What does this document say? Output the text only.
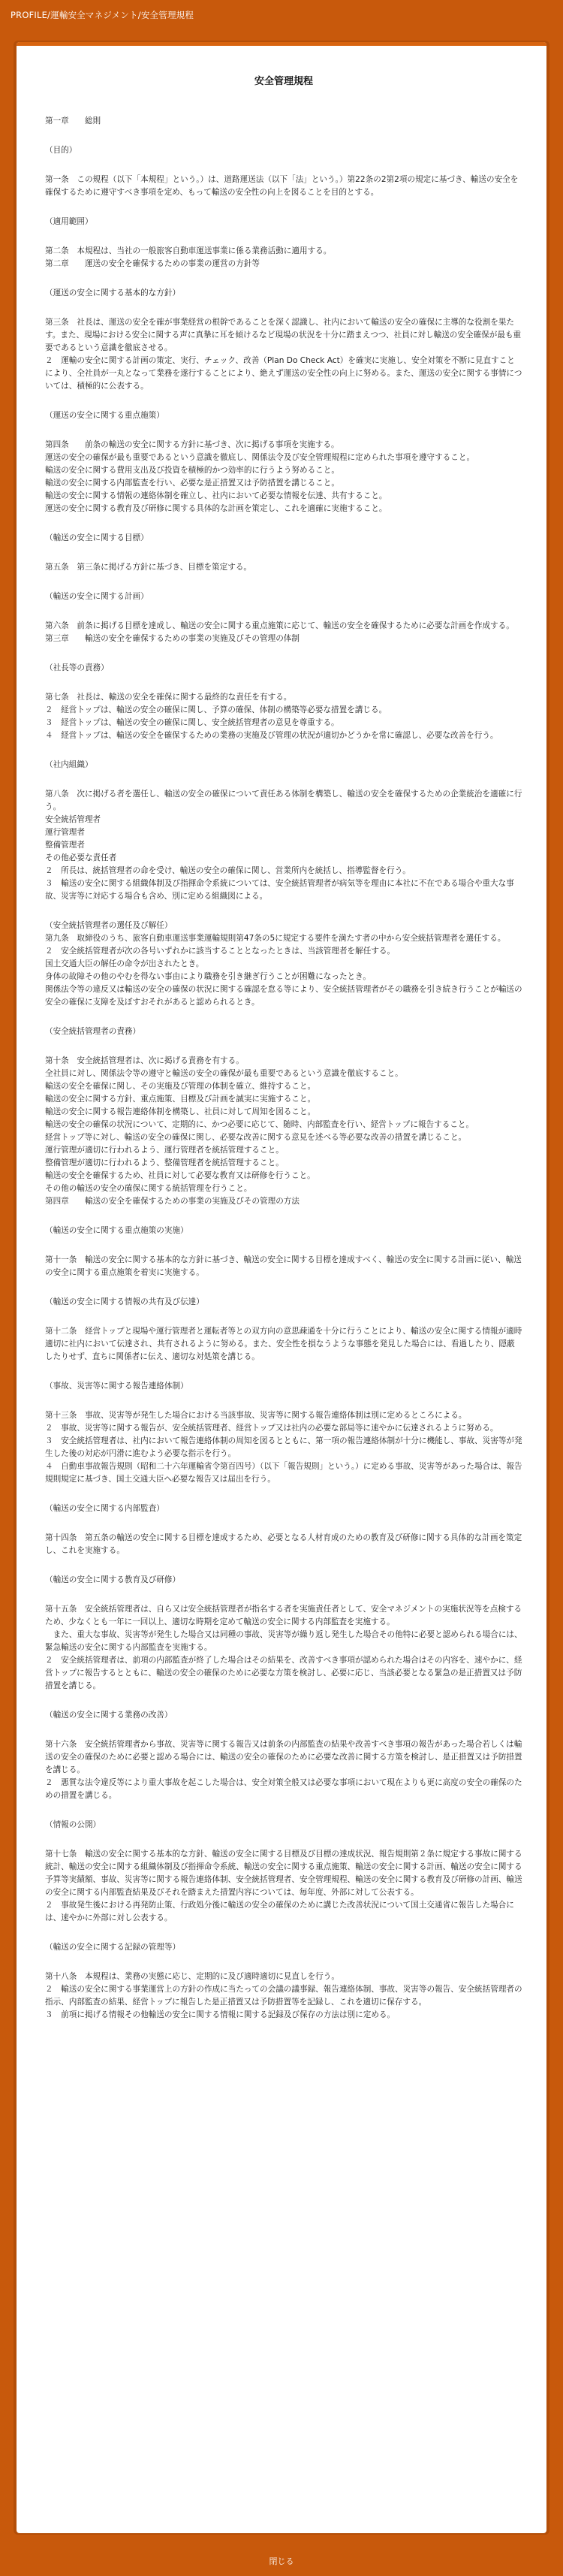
PROFILE/運輸安全マネジメント/安全管理規程
安全管理規程

第一章　　総則

（目的）

第一条　この規程（以下「本規程」という。）は、道路運送法（以下「法」という。）第22条の2第2項の規定に基づき、輸送の安全を確保するために遵守すべき事項を定め、もって輸送の安全性の向上を図ることを目的とする。

（適用範囲）

第二条　本規程は、当社の一般旅客自動車運送事業に係る業務活動に適用する。

第二章　　運送の安全を確保するための事業の運営の方針等

（運送の安全に関する基本的な方針）

第三条　社長は、運送の安全を確が事業経営の根幹であることを深く認識し、社内において輸送の安全の確保に主導的な役割を果たす。また、現場における安全に関する声に真摯に耳を傾けるなど現場の状況を十分に踏まえつつ、社員に対し輸送の安全確保が最も重要であるという意識を徹底させる。

２　運輸の安全に関する計画の策定、実行、チェック、改善（Plan Do Check Act）を確実に実施し、安全対策を不断に見直すことにより、全社員が一丸となって業務を遂行することにより、絶えず運送の安全性の向上に努める。また、運送の安全に関する事情については、積極的に公表する。

（運送の安全に関する重点施策）

第四条　　前条の輸送の安全に関する方針に基づき、次に掲げる事項を実施する。

運送の安全の確保が最も重要であるという意識を徹底し、関係法令及び安全管理規程に定められた事項を遵守すること。

輸送の安全に関する費用支出及び投資を積極的かつ効率的に行うよう努めること。

輸送の安全に関する内部監査を行い、必要な是正措置又は予防措置を講じること。

輸送の安全に関する情報の連絡体制を確立し、社内において必要な情報を伝達、共有すること。

運送の安全に関する教育及び研修に関する具体的な計画を策定し、これを適確に実施すること。

（輸送の安全に関する目標）

第五条　第三条に掲げる方針に基づき、目標を策定する。

（輸送の安全に関する計画）

第六条　前条に掲げる目標を達成し、輸送の安全に関する重点施策に応じて、輸送の安全を確保するために必要な計画を作成する。

第三章　　輸送の安全を確保するための事業の実施及びその管理の体制

（社長等の責務）

第七条　社長は、輸送の安全を確保に関する最終的な責任を有する。

２　経営トップは、輸送の安全の確保に関し、予算の確保、体制の構築等必要な措置を講じる。

３　経営トップは、輸送の安全の確保に関し、安全統括管理者の意見を尊重する。

４　経営トップは、輸送の安全を確保するための業務の実施及び管理の状況が適切かどうかを常に確認し、必要な改善を行う。

（社内組織）

第八条　次に掲げる者を選任し、輸送の安全の確保について責任ある体制を構築し、輸送の安全を確保するための企業統治を適確に行う。

安全統括管理者

運行管理者

整備管理者

その他必要な責任者

２　所長は、統括管理者の命を受け、輸送の安全の確保に関し、営業所内を統括し、指導監督を行う。

３　輸送の安全に関する組織体制及び指揮命令系統については、安全統括管理者が病気等を理由に本社に不在である場合や重大な事故、災害等に対応する場合も含め、別に定める組織図による。

（安全統括管理者の選任及び解任）

第九条　取締役のうち、旅客自動車運送事業運輸規則第47条の5に規定する要件を満たす者の中から安全統括管理者を選任する。

２　安全統括管理者が次の各号いずれかに該当することとなったときは、当該管理者を解任する。

国土交通大臣の解任の命令が出されたとき。

身体の故障その他のやむを得ない事由により職務を引き継ぎ行うことが困難になったとき。

関係法令等の違反又は輸送の安全の確保の状況に関する確認を怠る等により、安全統括管理者がその職務を引き続き行うことが輸送の安全の確保に支障を及ぼすおそれがあると認められるとき。

（安全統括管理者の責務）

第十条　安全統括管理者は、次に掲げる責務を有する。

全社員に対し、関係法令等の遵守と輸送の安全の確保が最も重要であるという意識を徹底すること。

輸送の安全を確保に関し、その実施及び管理の体制を確立、維持すること。

輸送の安全に関する方針、重点施策、目標及び計画を誠実に実施すること。

輸送の安全に関する報告連絡体制を構築し、社員に対して周知を図ること。

輸送の安全の確保の状況について、定期的に、かつ必要に応じて、随時、内部監査を行い、経営トップに報告すること。

経営トップ等に対し、輸送の安全の確保に関し、必要な改善に関する意見を述べる等必要な改善の措置を講じること。

運行管理が適切に行われるよう、運行管理者を統括管理すること。

整備管理が適切に行われるよう、整備管理者を統括管理すること。

輸送の安全を確保するため、社員に対して必要な教育又は研修を行うこと。

その他の輸送の安全の確保に関する統括管理を行うこと。

第四章　　輸送の安全を確保するための事業の実施及びその管理の方法

（輸送の安全に関する重点施策の実施）

第十一条　輸送の安全に関する基本的な方針に基づき、輸送の安全に関する目標を達成すべく、輸送の安全に関する計画に従い、輸送の安全に関する重点施策を着実に実施する。

（輸送の安全に関する情報の共有及び伝達）

第十二条　経営トップと現場や運行管理者と運転者等との双方向の意思疎通を十分に行うことにより、輸送の安全に関する情報が適時適切に社内において伝達され、共有されるように努める。また、安全性を損なうような事態を発見した場合には、看過したり、隠蔽したりせず、直ちに関係者に伝え、適切な対処策を講じる。

（事故、災害等に関する報告連絡体制）

第十三条　事故、災害等が発生した場合における当該事故、災害等に関する報告連絡体制は別に定めるところによる。

２　事故、災害等に関する報告が、安全統括管理者、経営トップ又は社内の必要な部局等に速やかに伝達されるように努める。

３　安全統括管理者は、社内において報告連絡体制の周知を図るとともに、第一項の報告連絡体制が十分に機能し、事故、災害等が発生した後の対応が円滑に進むよう必要な指示を行う。

４　自動車事故報告規則（昭和二十六年運輸省令第百四号）（以下「報告規則」という。）に定める事故、災害等があった場合は、報告規則規定に基づき、国土交通大臣へ必要な報告又は届出を行う。

（輸送の安全に関する内部監査）

第十四条　第五条の輸送の安全に関する目標を達成するため、必要となる人材育成のための教育及び研修に関する具体的な計画を策定し、これを実施する。

（輸送の安全に関する教育及び研修）

第十五条　安全統括管理者は、自ら又は安全統括管理者が指名する者を実施責任者として、安全マネジメントの実施状況等を点検するため、少なくとも一年に一回以上、適切な時期を定めて輸送の安全に関する内部監査を実施する。

　また、重大な事故、災害等が発生した場合又は同種の事故、災害等が繰り返し発生した場合その他特に必要と認められる場合には、緊急輸送の安全に関する内部監査を実施する。

２　安全統括管理者は、前項の内部監査が終了した場合はその結果を、改善すべき事項が認められた場合はその内容を、速やかに、経営トップに報告するとともに、輸送の安全の確保のために必要な方策を検討し、必要に応じ、当該必要となる緊急の是正措置又は予防措置を講じる。

（輸送の安全に関する業務の改善）

第十六条　安全統括管理者から事故、災害等に関する報告又は前条の内部監査の結果や改善すべき事項の報告があった場合若しくは輸送の安全の確保のために必要と認める場合には、輸送の安全の確保のために必要な改善に関する方策を検討し、是正措置又は予防措置を講じる。

２　悪質な法令違反等により重大事故を起こした場合は、安全対策全般又は必要な事項において現在よりも更に高度の安全の確保のための措置を講じる。

（情報の公開）

第十七条　輸送の安全に関する基本的な方針、輸送の安全に関する目標及び目標の達成状況、報告規則第２条に規定する事故に関する統計、輸送の安全に関する組織体制及び指揮命令系統、輸送の安全に関する重点施策、輸送の安全に関する計画、輸送の安全に関する予算等実績額、事故、災害等に関する報告連絡体制、安全統括管理者、安全管理規程、輸送の安全に関する教育及び研修の計画、輸送の安全に関する内部監査結果及びそれを踏まえた措置内容については、毎年度、外部に対して公表する。

２　事故発生後における再発防止策、行政処分後に輸送の安全の確保のために講じた改善状況について国土交通省に報告した場合には、速やかに外部に対し公表する。

（輸送の安全に関する記録の管理等）

第十八条　本規程は、業務の実態に応じ、定期的に及び適時適切に見直しを行う。

２　輸送の安全に関する事業運営上の方針の作成に当たっての会議の議事録、報告連絡体制、事故、災害等の報告、安全統括管理者の指示、内部監査の結果、経営トップに報告した是正措置又は予防措置等を記録し、これを適切に保存する。

３　前項に掲げる情報その他輸送の安全に関する情報に関する記録及び保存の方法は別に定める。

閉じる
